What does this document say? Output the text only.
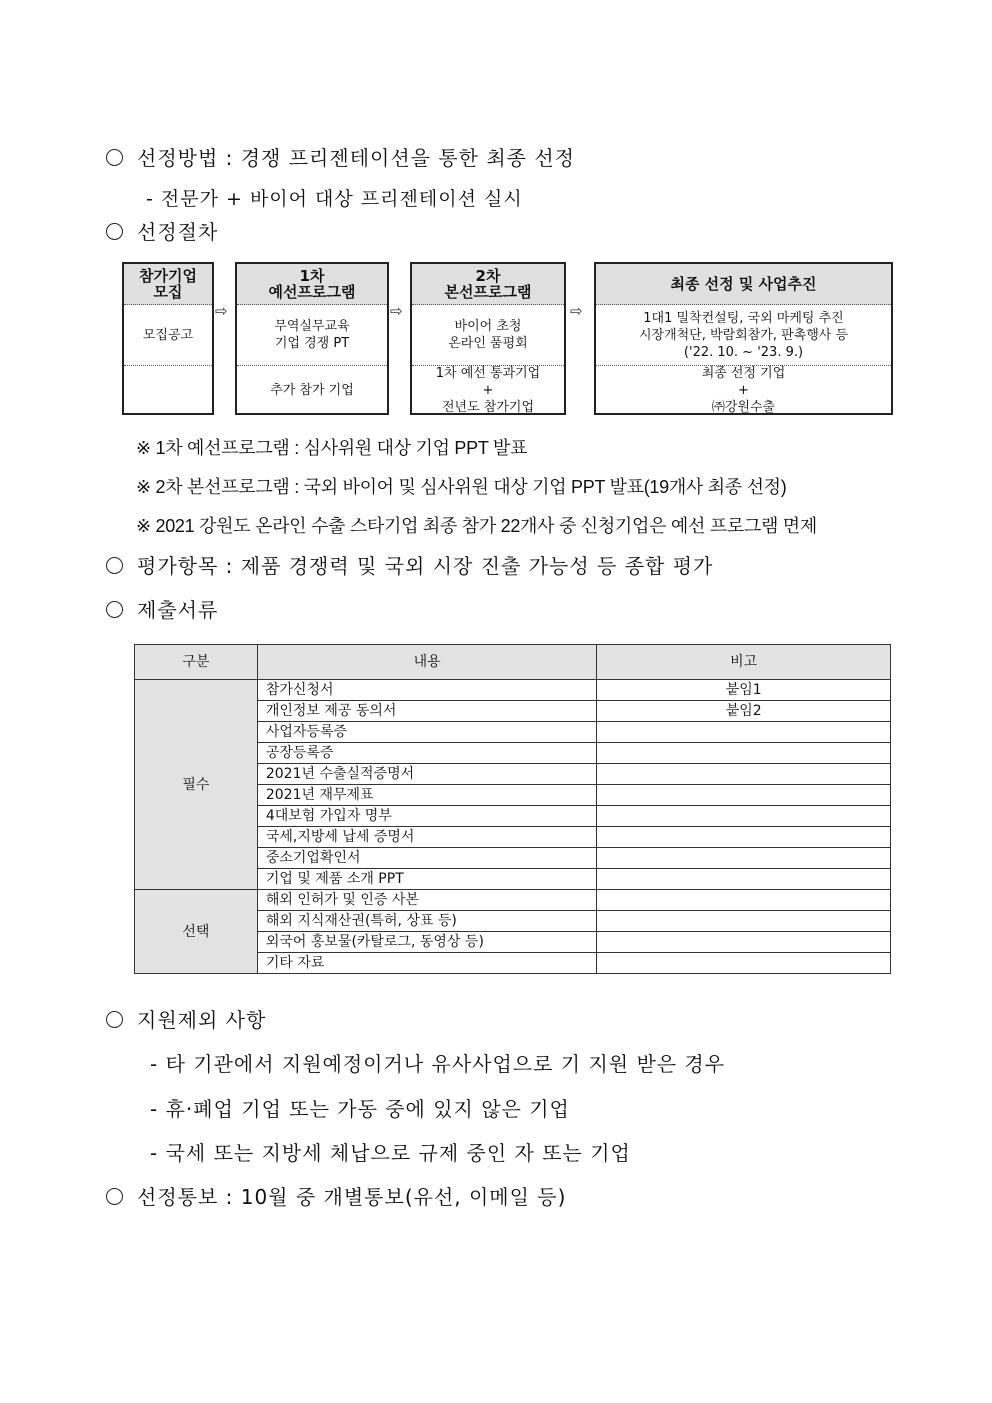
선정방법 : 경쟁 프리젠테이션을 통한 최종 선정
- 전문가 + 바이어 대상 프리젠테이션 실시
선정절차
참가기업
모집
모집공고
⇨
1차
예선프로그램
무역실무교육
기업 경쟁 PT
추가 참가 기업
⇨
2차
본선프로그램
바이어 초청
온라인 품평회
1차 예선 통과기업
+
전년도 참가기업
⇨
최종 선정 및 사업추진
1대1 밀착컨설팅, 국외 마케팅 추진
시장개척단, 박람회참가, 판촉행사 등
('22. 10. ~ '23. 9.)
최종 선정 기업
+
㈜강원수출
※ 1차 예선프로그램 : 심사위원 대상 기업 PPT 발표
※ 2차 본선프로그램 : 국외 바이어 및 심사위원 대상 기업 PPT 발표(19개사 최종 선정)
※ 2021 강원도 온라인 수출 스타기업 최종 참가 22개사 중 신청기업은 예선 프로그램 면제
평가항목 : 제품 경쟁력 및 국외 시장 진출 가능성 등 종합 평가
제출서류
구분	내용	비고
필수	참가신청서	붙임1
	개인정보 제공 동의서	붙임2
	사업자등록증	
	공장등록증	
	2021년 수출실적증명서	
	2021년 재무제표	
	4대보험 가입자 명부	
	국세,지방세 납세 증명서	
	중소기업확인서	
	기업 및 제품 소개 PPT	
선택	해외 인허가 및 인증 사본	
	해외 지식재산권(특허, 상표 등)	
	외국어 홍보물(카탈로그, 동영상 등)	
	기타 자료	
지원제외 사항
- 타 기관에서 지원예정이거나 유사사업으로 기 지원 받은 경우
- 휴·폐업 기업 또는 가동 중에 있지 않은 기업
- 국세 또는 지방세 체납으로 규제 중인 자 또는 기업
선정통보 : 10월 중 개별통보(유선, 이메일 등)
